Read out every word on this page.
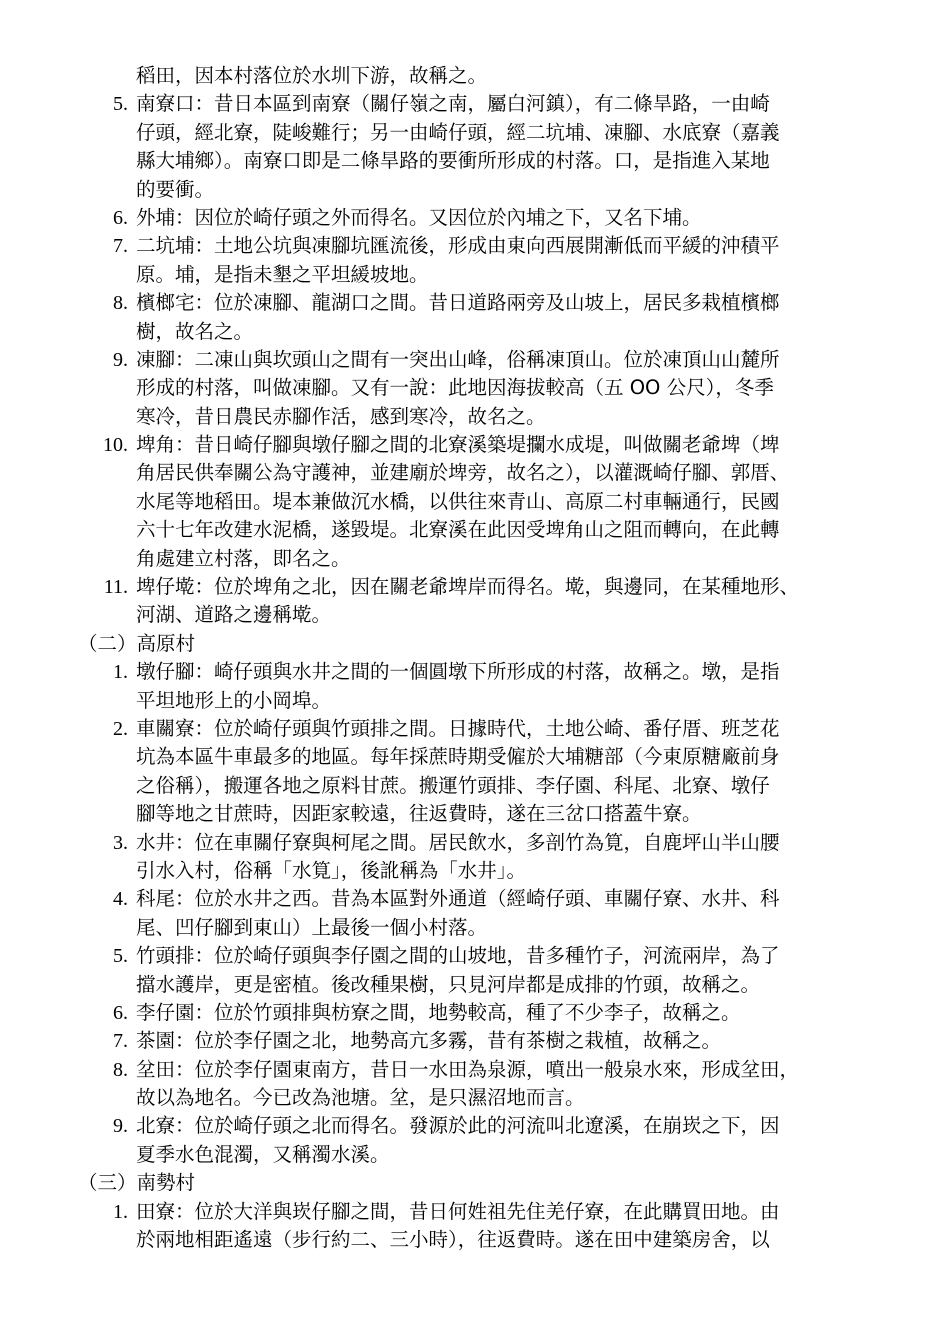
稻田，因本村落位於水圳下游，故稱之。
5. 南寮口：昔日本區到南寮（關仔嶺之南，屬白河鎮），有二條旱路，一由崎
仔頭，經北寮，陡峻難行；另一由崎仔頭，經二坑埔、凍腳、水底寮（嘉義
縣大埔鄉）。南寮口即是二條旱路的要衝所形成的村落。口，是指進入某地
的要衝。
6. 外埔：因位於崎仔頭之外而得名。又因位於內埔之下，又名下埔。
7. 二坑埔：土地公坑與凍腳坑匯流後，形成由東向西展開漸低而平緩的沖積平
原。埔，是指未墾之平坦緩坡地。
8. 檳榔宅：位於凍腳、龍湖口之間。昔日道路兩旁及山坡上，居民多栽植檳榔
樹，故名之。
9. 凍腳：二凍山與坎頭山之間有一突出山峰，俗稱凍頂山。位於凍頂山山麓所
形成的村落，叫做凍腳。又有一說：此地因海拔較高（五 OO 公尺），冬季
寒冷，昔日農民赤腳作活，感到寒冷，故名之。
10. 埤角：昔日崎仔腳與墩仔腳之間的北寮溪築堤攔水成堤，叫做關老爺埤（埤
角居民供奉關公為守護神，並建廟於埤旁，故名之），以灌溉崎仔腳、郭厝、
水尾等地稻田。堤本兼做沉水橋，以供往來青山、高原二村車輛通行，民國
六十七年改建水泥橋，遂毀堤。北寮溪在此因受埤角山之阻而轉向，在此轉
角處建立村落，即名之。
11. 埤仔墘：位於埤角之北，因在關老爺埤岸而得名。墘，與邊同，在某種地形、
河湖、道路之邊稱墘。
（二）高原村
1. 墩仔腳：崎仔頭與水井之間的一個圓墩下所形成的村落，故稱之。墩，是指
平坦地形上的小岡埠。
2. 車關寮：位於崎仔頭與竹頭排之間。日據時代，土地公崎、番仔厝、班芝花
坑為本區牛車最多的地區。每年採蔗時期受僱於大埔糖部（今東原糖廠前身
之俗稱），搬運各地之原料甘蔗。搬運竹頭排、李仔園、科尾、北寮、墩仔
腳等地之甘蔗時，因距家較遠，往返費時，遂在三岔口搭蓋牛寮。
3. 水井：位在車關仔寮與柯尾之間。居民飲水，多剖竹為筧，自鹿坪山半山腰
引水入村，俗稱「水筧」，後訛稱為「水井」。
4. 科尾：位於水井之西。昔為本區對外通道（經崎仔頭、車關仔寮、水井、科
尾、凹仔腳到東山）上最後一個小村落。
5. 竹頭排：位於崎仔頭與李仔園之間的山坡地，昔多種竹子，河流兩岸，為了
擋水護岸，更是密植。後改種果樹，只見河岸都是成排的竹頭，故稱之。
6. 李仔園：位於竹頭排與枋寮之間，地勢較高，種了不少李子，故稱之。
7. 茶園：位於李仔園之北，地勢高亢多霧，昔有茶樹之栽植，故稱之。
8. 坌田：位於李仔園東南方，昔日一水田為泉源，噴出一般泉水來，形成坌田，
故以為地名。今已改為池塘。坌，是只濕沼地而言。
9. 北寮：位於崎仔頭之北而得名。發源於此的河流叫北遼溪，在崩崁之下，因
夏季水色混濁，又稱濁水溪。
（三）南勢村
1. 田寮：位於大洋與崁仔腳之間，昔日何姓祖先住羌仔寮，在此購買田地。由
於兩地相距遙遠（步行約二、三小時），往返費時。遂在田中建築房舍，以
